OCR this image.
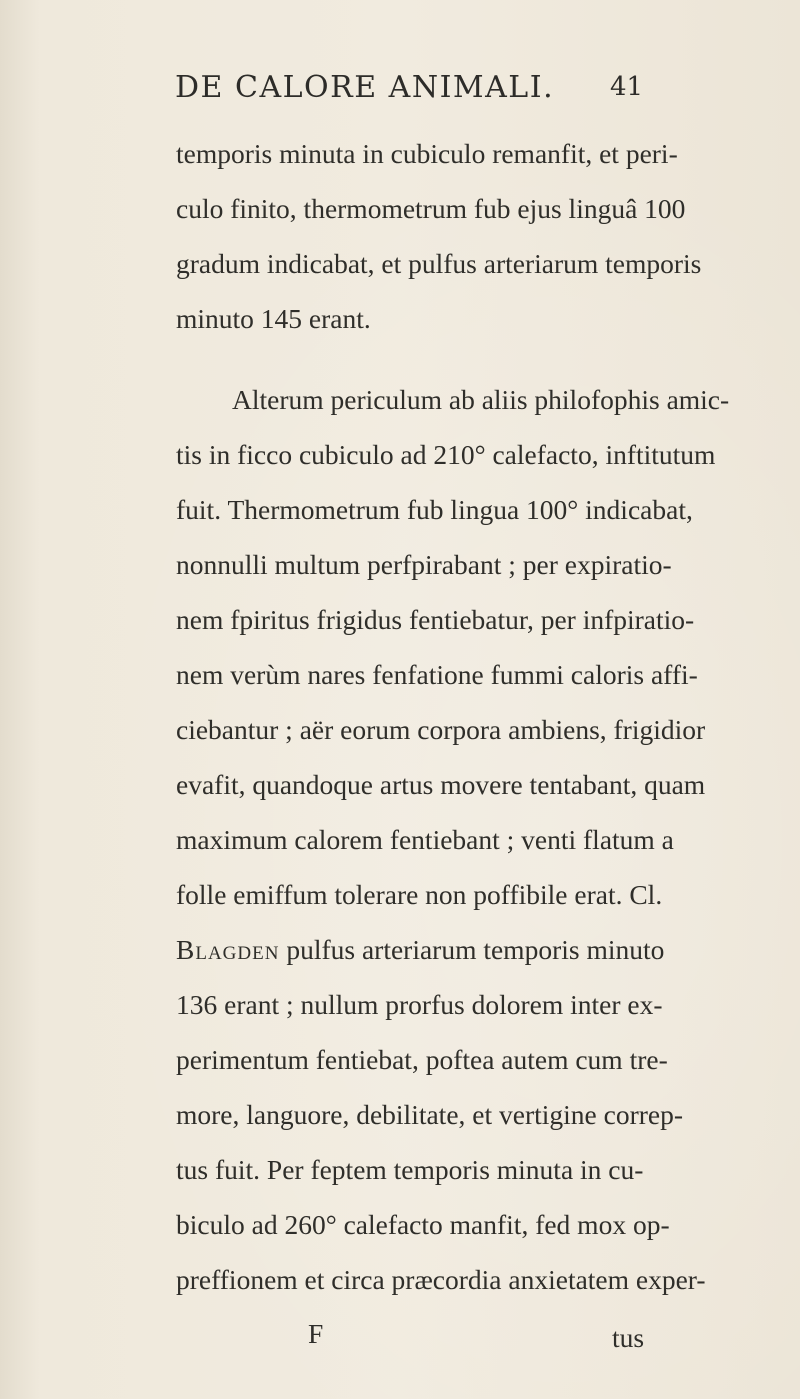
DE CALORE ANIMALI. 41
temporis minuta in cubiculo remanfit, et peri-
culo finito, thermometrum fub ejus linguâ 100
gradum indicabat, et pulfus arteriarum temporis
minuto 145 erant.
Alterum periculum ab aliis philofophis amic-
tis in ficco cubiculo ad 210° calefacto, inftitutum
fuit. Thermometrum fub lingua 100° indicabat,
nonnulli multum perfpirabant ; per expiratio-
nem fpiritus frigidus fentiebatur, per infpiratio-
nem verùm nares fenfatione fummi caloris affi-
ciebantur ; aër eorum corpora ambiens, frigidior
evafit, quandoque artus movere tentabant, quam
maximum calorem fentiebant ; venti flatum a
folle emiffum tolerare non poffibile erat. Cl.
Blagden pulfus arteriarum temporis minuto
136 erant ; nullum prorfus dolorem inter ex-
perimentum fentiebat, poftea autem cum tre-
more, languore, debilitate, et vertigine correp-
tus fuit. Per feptem temporis minuta in cu-
biculo ad 260° calefacto manfit, fed mox op-
preffionem et circa præcordia anxietatem exper-
F	tus
